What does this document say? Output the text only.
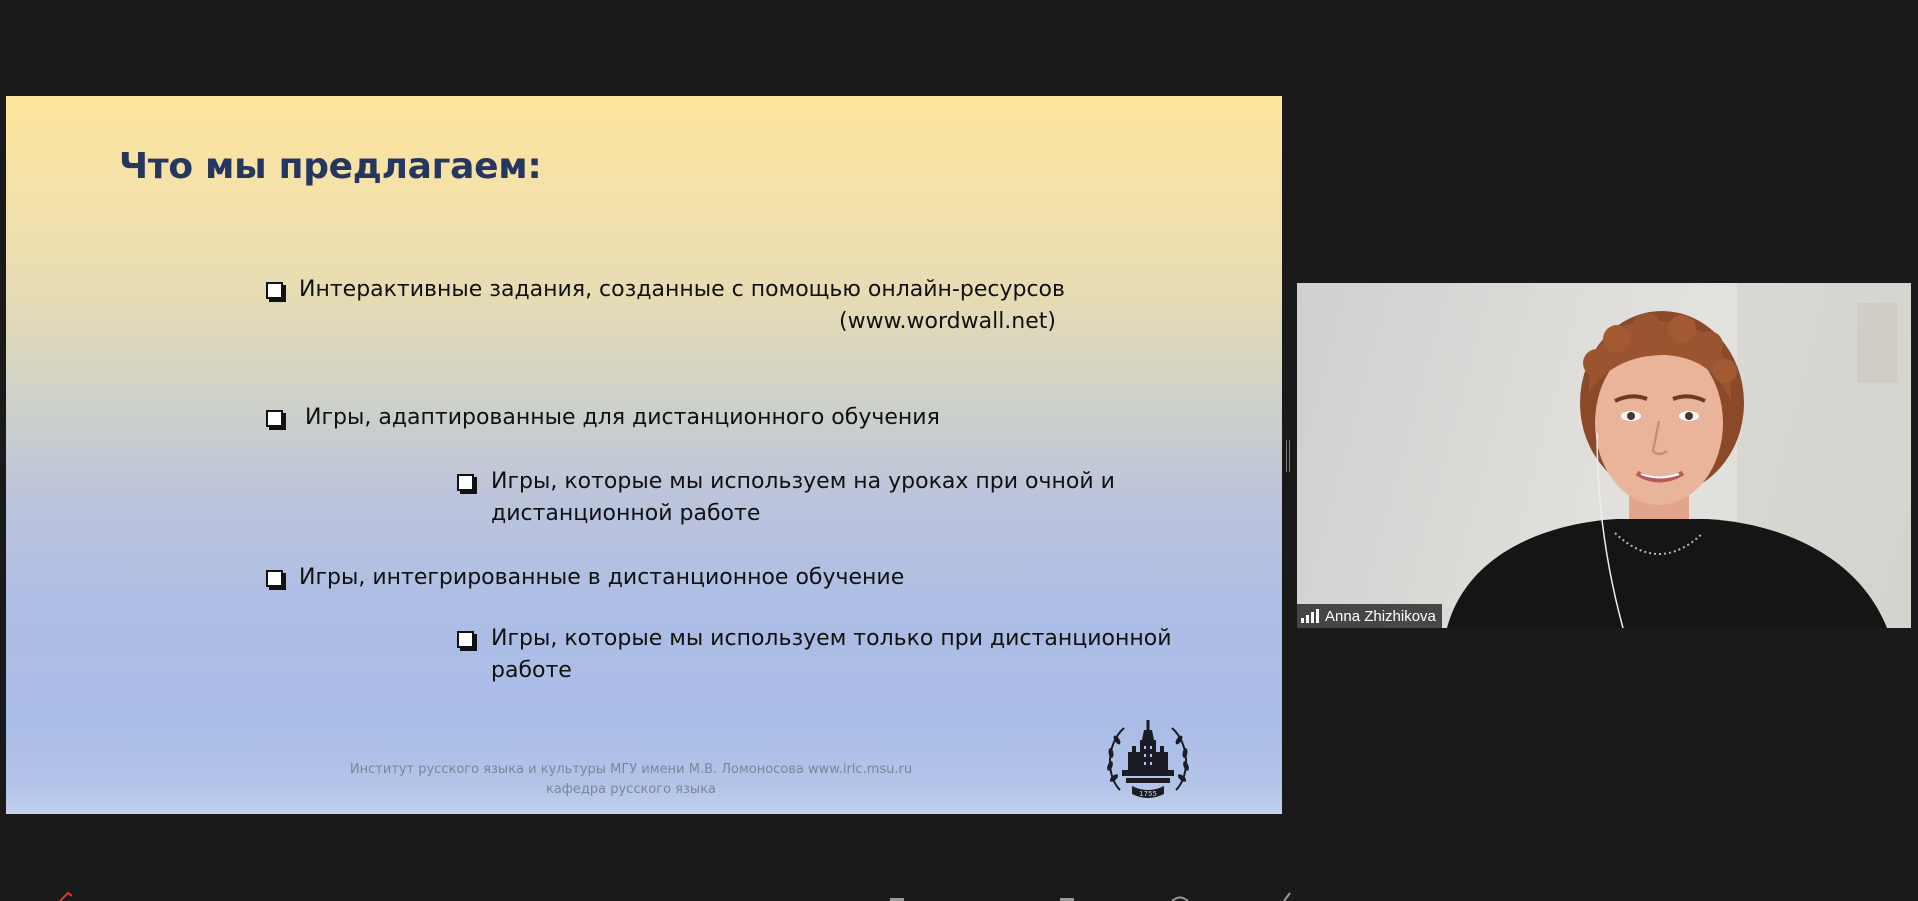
Что мы предлагаем:
Интерактивные задания, созданные с помощью онлайн-ресурсов
(www.wordwall.net)
Игры, адаптированные для дистанционного обучения
Игры, которые мы используем на уроках при очной и
дистанционной работе
Игры, интегрированные в дистанционное обучение
Игры, которые мы используем только при дистанционной
работе
Институт русского языка и культуры МГУ имени М.В. Ломоносова www.irlc.msu.ru
кафедра русского языка	1755
Anna Zhizhikova
